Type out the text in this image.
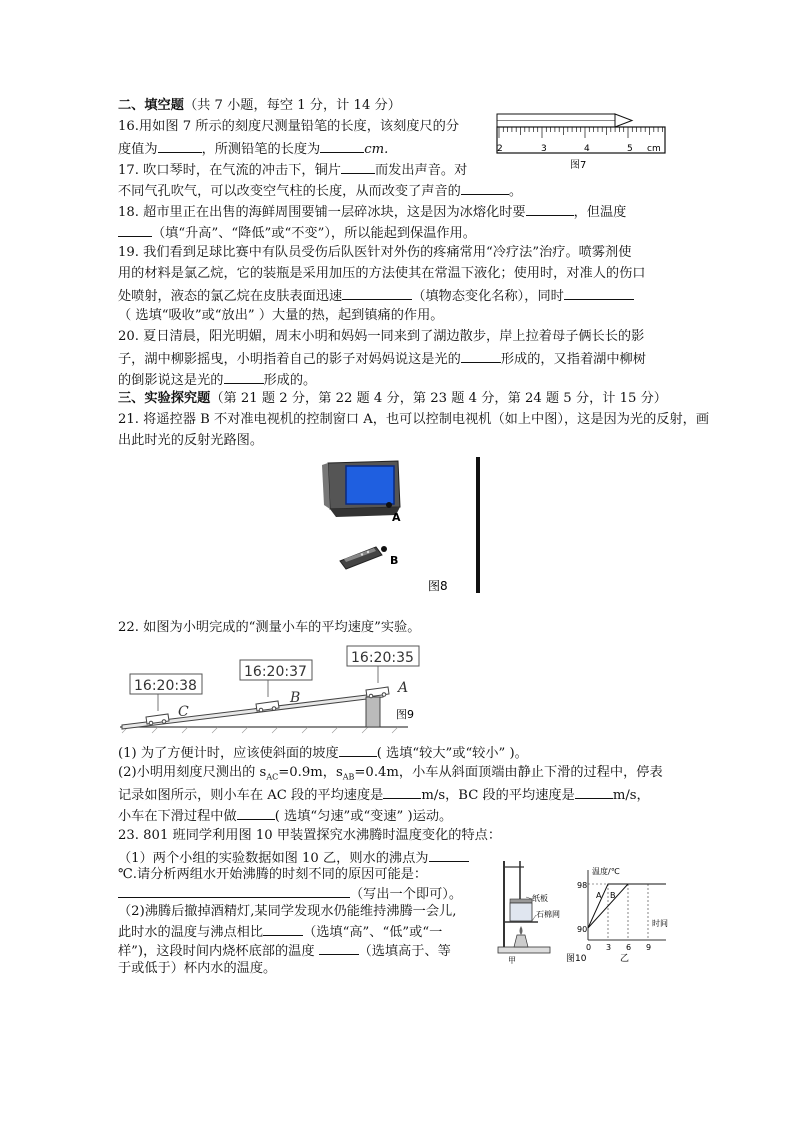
二、填空题（共 7 小题，每空 1 分，计 14 分）
16.用如图 7 所示的刻度尺测量铅笔的长度，该刻度尺的分
度值为	，所测铅笔的长度为	cm.	2	3	4	5 cm
图7
17. 吹口琴时，在气流的冲击下，铜片	而发出声音。对
不同气孔吹气，可以改变空气柱的长度，从而改变了声音的	。
18. 超市里正在出售的海鲜周围要铺一层碎冰块，这是因为冰熔化时要	，但温度
（填“升高”、“降低”或“不变”），所以能起到保温作用。
19. 我们看到足球比赛中有队员受伤后队医针对外伤的疼痛常用“冷疗法”治疗。喷雾剂使
用的材料是氯乙烷，它的装瓶是采用加压的方法使其在常温下液化；使用时，对准人的伤口
处喷射，液态的氯乙烷在皮肤表面迅速	（填物态变化名称），同时
（ 选填“吸收”或“放出” ）大量的热，起到镇痛的作用。
20. 夏日清晨，阳光明媚，周末小明和妈妈一同来到了湖边散步，岸上拉着母子俩长长的影
子，湖中柳影摇曳，小明指着自己的影子对妈妈说这是光的	形成的，又指着湖中柳树
的倒影说这是光的	形成的。
三、实验探究题（第 21 题 2 分，第 22 题 4 分，第 23 题 4 分，第 24 题 5 分，计 15 分）
21. 将遥控器 B 不对准电视机的控制窗口 A，也可以控制电视机（如上中图），这是因为光的反射，画
出此时光的反射光路图。
A
B
图8
22. 如图为小明完成的“测量小车的平均速度”实验。
16:20:38
16:20:37
16:20:35
C
B
A
图9
(1) 为了方便计时，应该使斜面的坡度	( 选填“较大”或“较小” )。
(2)小明用刻度尺测出的 $s_{AC}=0.9m$，$s_{AB}=0.4m$，小车从斜面顶端由静止下滑的过程中，停表
记录如图所示，则小车在 AC 段的平均速度是	m/s，BC 段的平均速度是	m/s，
小车在下滑过程中做	( 选填“匀速”或“变速” )运动。
23. 801 班同学利用图 10 甲装置探究水沸腾时温度变化的特点：
（1）两个小组的实验数据如图 10 乙，则水的沸点为
℃.请分析两组水开始沸腾的时刻不同的原因可能是：
（写出一个即可）。
（2)沸腾后撤掉酒精灯,某同学发现水仍能维持沸腾一会儿,
此时水的温度与沸点相比	（选填“高”、“低”或“一
样”)，这段时间内烧杯底部的温度	（选填高于、等
于或低于）杯内水的温度。
纸板
石棉网
甲
温度/℃
时间
98
90
0 3 6 9
A B
图10	乙
